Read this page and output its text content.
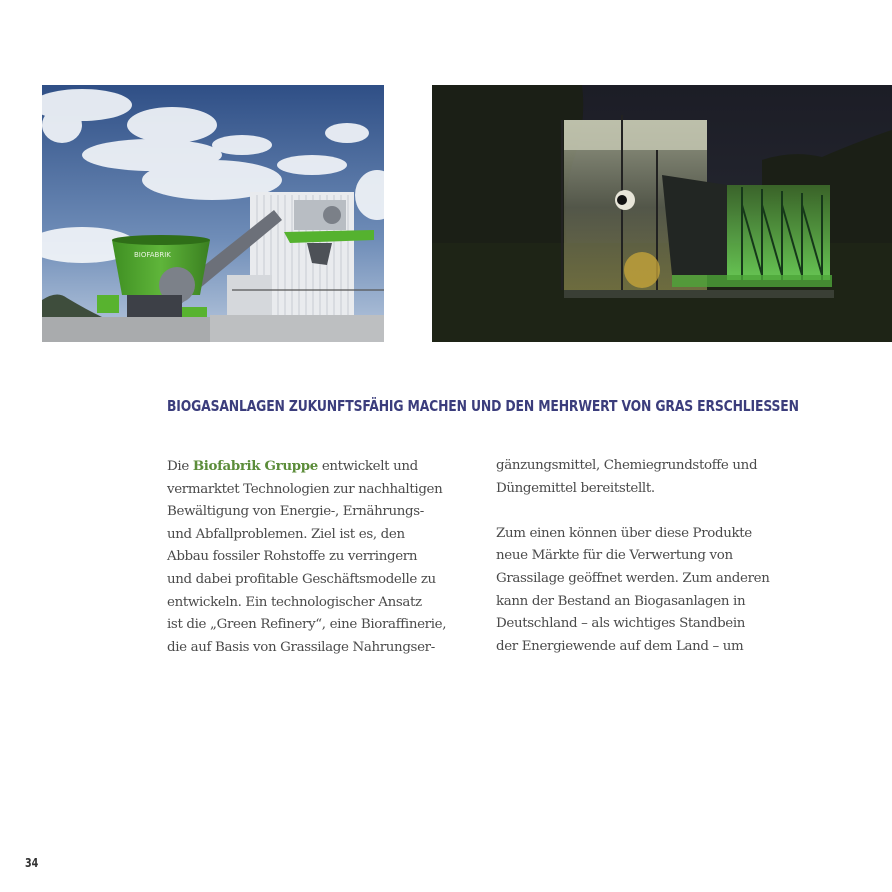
BIOFABRIK
BIOGASANLAGEN ZUKUNFTSFÄHIG MACHEN UND DEN MEHRWERT VON GRAS ERSCHLIESSEN
Die Biofabrik Gruppe entwickelt und
vermarktet Technologien zur nachhaltigen
Bewältigung von Energie-, Ernährungs-
und Abfallproblemen. Ziel ist es, den
Abbau fossiler Rohstoffe zu verringern
und dabei profitable Geschäftsmodelle zu
entwickeln. Ein technologischer Ansatz
ist die „Green Refinery“, eine Bioraffinerie,
die auf Basis von Grassilage Nahrungser-
gänzungsmittel, Chemiegrundstoffe und
Düngemittel bereitstellt.
Zum einen können über diese Produkte
neue Märkte für die Verwertung von
Grassilage geöffnet werden. Zum anderen
kann der Bestand an Biogasanlagen in
Deutschland – als wichtiges Standbein
der Energiewende auf dem Land – um
34
